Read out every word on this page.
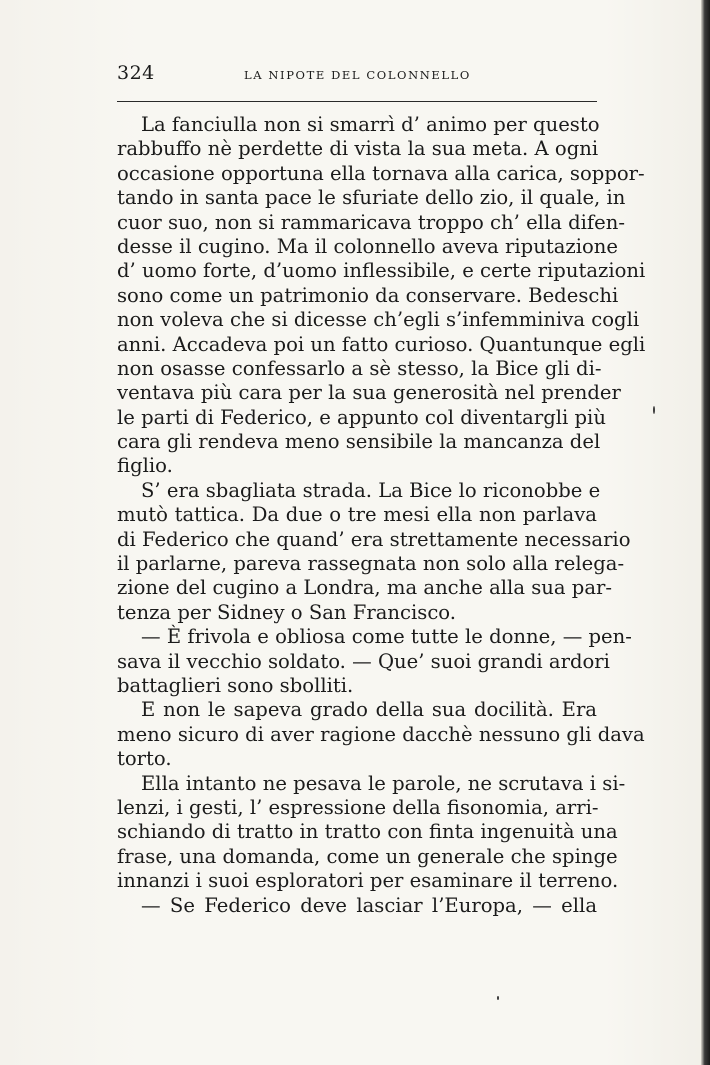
324	LA NIPOTE DEL COLONNELLO
La fanciulla non si smarrì d’ animo per questo
rabbuffo nè perdette di vista la sua meta. A ogni
occasione opportuna ella tornava alla carica, soppor-
tando in santa pace le sfuriate dello zio, il quale, in
cuor suo, non si rammaricava troppo ch’ ella difen-
desse il cugino. Ma il colonnello aveva riputazione
d’ uomo forte, d’uomo inflessibile, e certe riputazioni
sono come un patrimonio da conservare. Bedeschi
non voleva che si dicesse ch’egli s’infemminiva cogli
anni. Accadeva poi un fatto curioso. Quantunque egli
non osasse confessarlo a sè stesso, la Bice gli di-
ventava più cara per la sua generosità nel prender
le parti di Federico, e appunto col diventargli più
cara gli rendeva meno sensibile la mancanza del
figlio.
S’ era sbagliata strada. La Bice lo riconobbe e
mutò tattica. Da due o tre mesi ella non parlava
di Federico che quand’ era strettamente necessario
il parlarne, pareva rassegnata non solo alla relega-
zione del cugino a Londra, ma anche alla sua par-
tenza per Sidney o San Francisco.
— È frivola e obliosa come tutte le donne, — pen-
sava il vecchio soldato. — Que’ suoi grandi ardori
battaglieri sono sbolliti.
E non le sapeva grado della sua docilità. Era
meno sicuro di aver ragione dacchè nessuno gli dava
torto.
Ella intanto ne pesava le parole, ne scrutava i si-
lenzi, i gesti, l’ espressione della fisonomia, arri-
schiando di tratto in tratto con finta ingenuità una
frase, una domanda, come un generale che spinge
innanzi i suoi esploratori per esaminare il terreno.
— Se Federico deve lasciar l’Europa, — ella
